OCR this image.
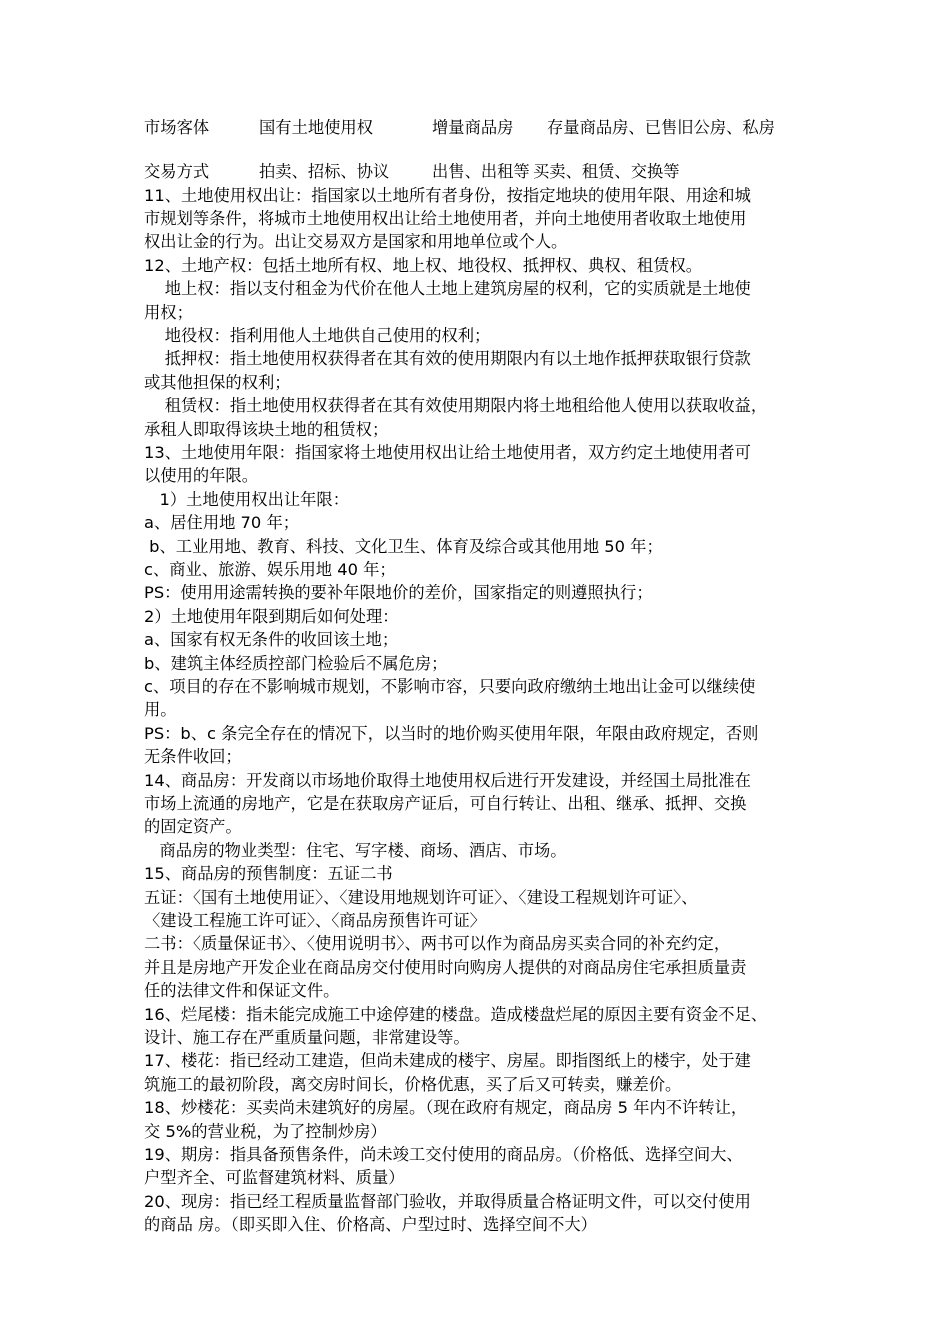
市场客体	国有土地使用权	增量商品房 存量商品房、已售旧公房、私房
交易方式	拍卖、招标、协议	出售、出租等 买卖、租赁、交换等
11、土地使用权出让：指国家以土地所有者身份，按指定地块的使用年限、用途和城
市规划等条件，将城市土地使用权出让给土地使用者，并向土地使用者收取土地使用
权出让金的行为。出让交易双方是国家和用地单位或个人。
12、土地产权：包括土地所有权、地上权、地役权、抵押权、典权、租赁权。
地上权：指以支付租金为代价在他人土地上建筑房屋的权利，它的实质就是土地使
用权；
地役权：指利用他人土地供自己使用的权利；
抵押权：指土地使用权获得者在其有效的使用期限内有以土地作抵押获取银行贷款
或其他担保的权利；
租赁权：指土地使用权获得者在其有效使用期限内将土地租给他人使用以获取收益，
承租人即取得该块土地的租赁权；
13、土地使用年限：指国家将土地使用权出让给土地使用者，双方约定土地使用者可
以使用的年限。
1）土地使用权出让年限：
a、居住用地 70 年；
b、工业用地、教育、科技、文化卫生、体育及综合或其他用地 50 年；
c、商业、旅游、娱乐用地 40 年；
PS：使用用途需转换的要补年限地价的差价，国家指定的则遵照执行；
2）土地使用年限到期后如何处理：
a、国家有权无条件的收回该土地；
b、建筑主体经质控部门检验后不属危房；
c、项目的存在不影响城市规划，不影响市容，只要向政府缴纳土地出让金可以继续使
用。
PS：b、c 条完全存在的情况下，以当时的地价购买使用年限，年限由政府规定，否则
无条件收回；
14、商品房：开发商以市场地价取得土地使用权后进行开发建设，并经国土局批准在
市场上流通的房地产，它是在获取房产证后，可自行转让、出租、继承、抵押、交换
的固定资产。
商品房的物业类型：住宅、写字楼、商场、酒店、市场。
15、商品房的预售制度：五证二书
五证：〈国有土地使用证〉、〈建设用地规划许可证〉、〈建设工程规划许可证〉、
〈建设工程施工许可证〉、〈商品房预售许可证〉
二书：〈质量保证书〉、〈使用说明书〉、两书可以作为商品房买卖合同的补充约定，
并且是房地产开发企业在商品房交付使用时向购房人提供的对商品房住宅承担质量责
任的法律文件和保证文件。
16、烂尾楼：指未能完成施工中途停建的楼盘。造成楼盘烂尾的原因主要有资金不足、
设计、施工存在严重质量问题，非常建设等。
17、楼花：指已经动工建造，但尚未建成的楼宇、房屋。即指图纸上的楼宇，处于建
筑施工的最初阶段，离交房时间长，价格优惠，买了后又可转卖，赚差价。
18、炒楼花：买卖尚未建筑好的房屋。（现在政府有规定，商品房 5 年内不许转让，
交 5%的营业税，为了控制炒房）
19、期房：指具备预售条件，尚未竣工交付使用的商品房。（价格低、选择空间大、
户型齐全、可监督建筑材料、质量）
20、现房：指已经工程质量监督部门验收，并取得质量合格证明文件，可以交付使用
的商品 房。（即买即入住、价格高、户型过时、选择空间不大）
